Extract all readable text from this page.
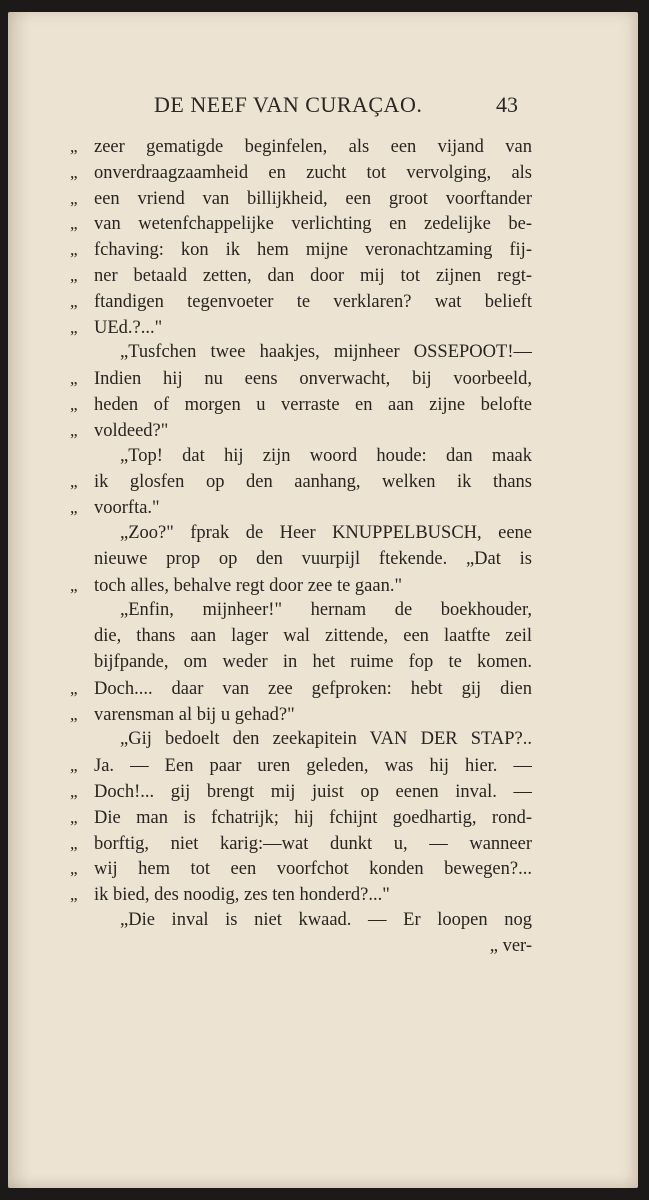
DE NEEF VAN CURAÇAO.	43
„ zeer gematigde beginfelen, als een vijand van
„ onverdraagzaamheid en zucht tot vervolging, als
„ een vriend van billijkheid, een groot voorftander
„ van wetenfchappelijke verlichting en zedelijke be-
„ fchaving: kon ik hem mijne veronachtzaming fij-
„ ner betaald zetten, dan door mij tot zijnen regt-
„ ftandigen tegenvoeter te verklaren? wat belieft
„ UEd.?..."
„Tusfchen twee haakjes, mijnheer OSSEPOOT!—
„ Indien hij nu eens onverwacht, bij voorbeeld,
„ heden of morgen u verraste en aan zijne belofte
„ voldeed?"
„Top! dat hij zijn woord houde: dan maak
„ ik glosfen op den aanhang, welken ik thans
„ voorfta."
„Zoo?" fprak de Heer KNUPPELBUSCH, eene
nieuwe prop op den vuurpijl ftekende. „Dat is
„ toch alles, behalve regt door zee te gaan."
„Enfin, mijnheer!" hernam de boekhouder,
die, thans aan lager wal zittende, een laatfte zeil
bijfpande, om weder in het ruime fop te komen.
„ Doch.... daar van zee gefproken: hebt gij dien
„ varensman al bij u gehad?"
„Gij bedoelt den zeekapitein VAN DER STAP?..
„ Ja. — Een paar uren geleden, was hij hier. —
„ Doch!... gij brengt mij juist op eenen inval. —
„ Die man is fchatrijk; hij fchijnt goedhartig, rond-
„ borftig, niet karig:—wat dunkt u, — wanneer
„ wij hem tot een voorfchot konden bewegen?...
„ ik bied, des noodig, zes ten honderd?..."
„Die inval is niet kwaad. — Er loopen nog
„ ver-
